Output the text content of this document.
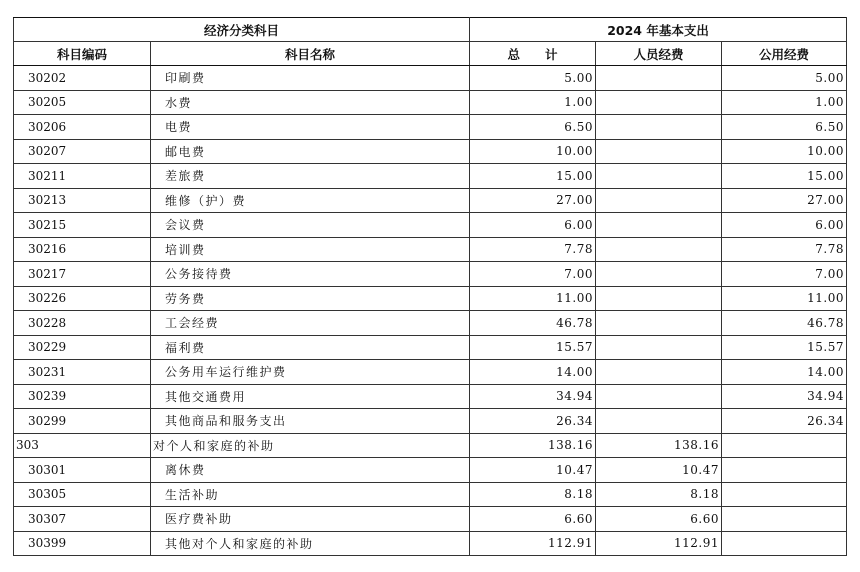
经济分类科目		2024 年基本支出		
科目编码	科目名称	总　　计	人员经费	公用经费
30202	印刷费	5.00		5.00
30205	水费	1.00		1.00
30206	电费	6.50		6.50
30207	邮电费	10.00		10.00
30211	差旅费	15.00		15.00
30213	维修（护）费	27.00		27.00
30215	会议费	6.00		6.00
30216	培训费	7.78		7.78
30217	公务接待费	7.00		7.00
30226	劳务费	11.00		11.00
30228	工会经费	46.78		46.78
30229	福利费	15.57		15.57
30231	公务用车运行维护费	14.00		14.00
30239	其他交通费用	34.94		34.94
30299	其他商品和服务支出	26.34		26.34
303	对个人和家庭的补助	138.16	138.16	
30301	离休费	10.47	10.47	
30305	生活补助	8.18	8.18	
30307	医疗费补助	6.60	6.60	
30399	其他对个人和家庭的补助	112.91	112.91	
